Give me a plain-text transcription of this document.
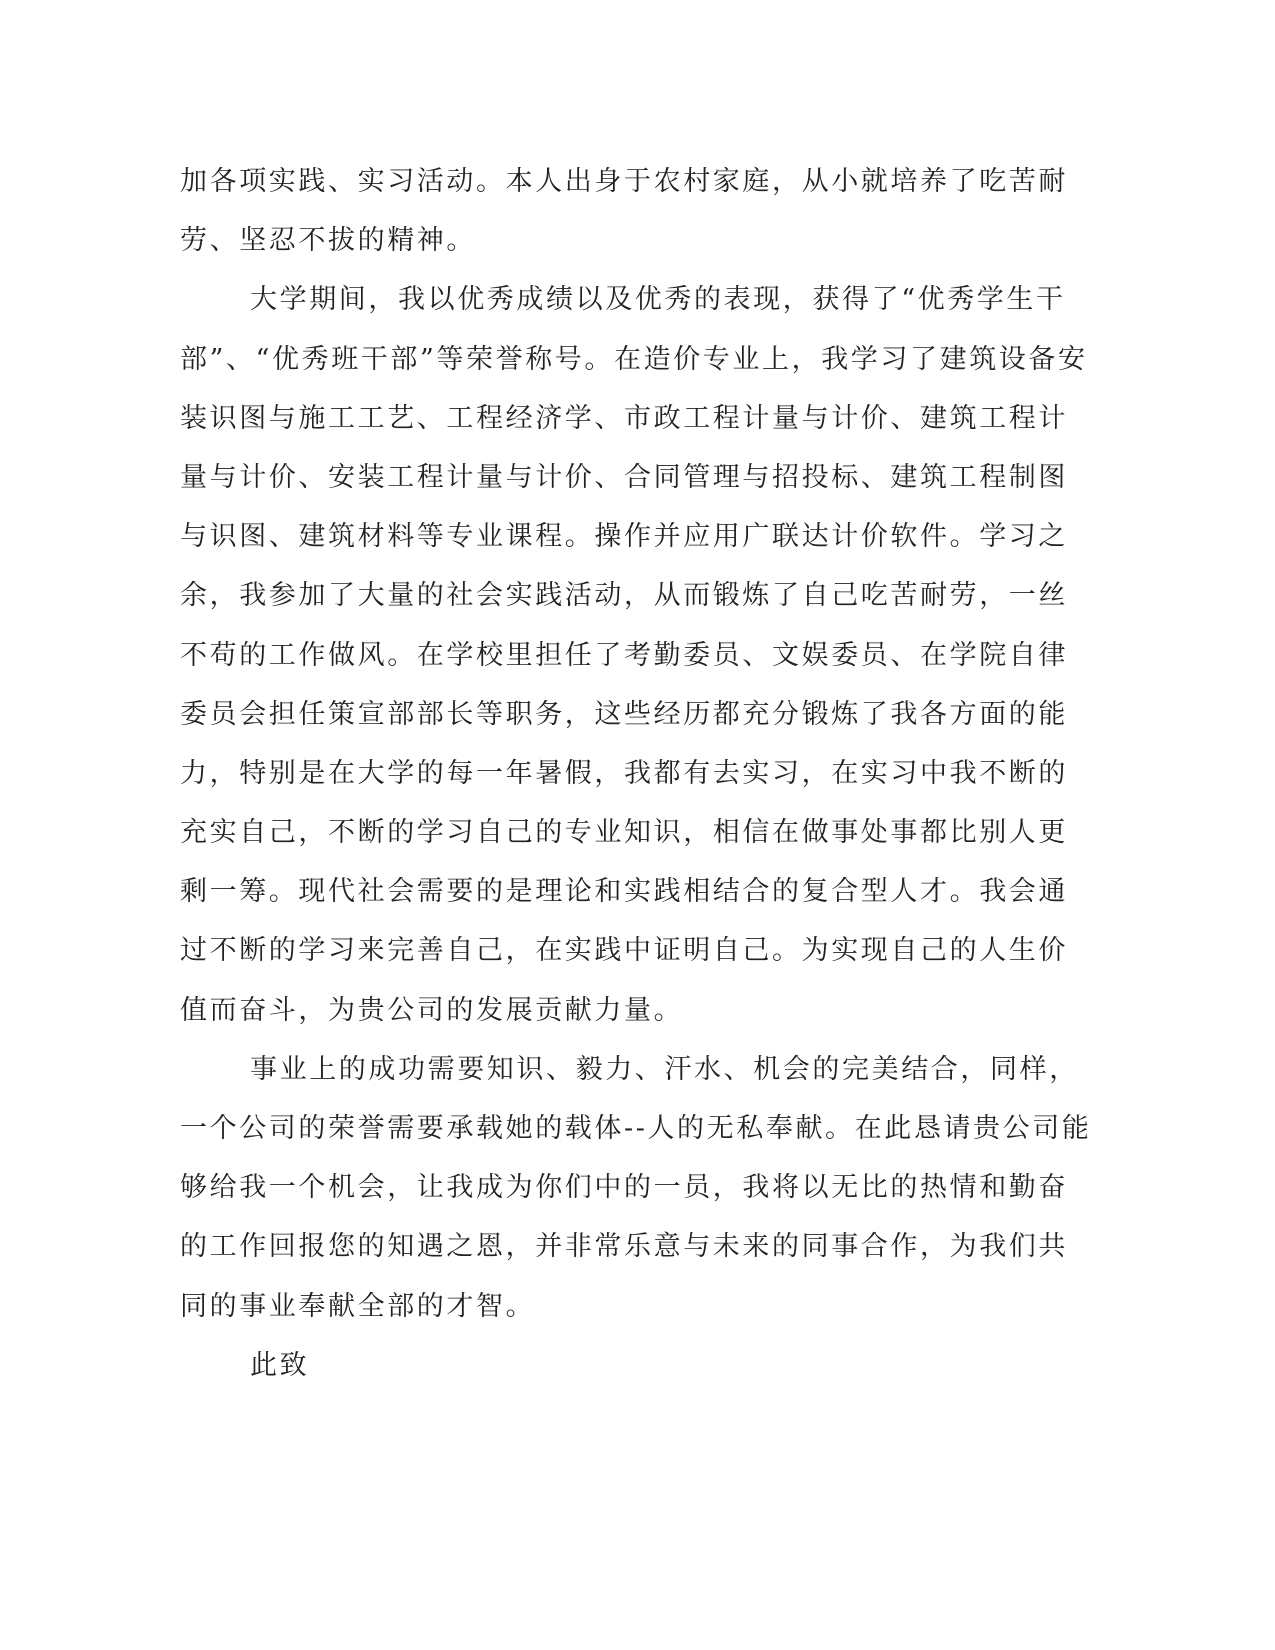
加各项实践、实习活动。本人出身于农村家庭，从小就培养了吃苦耐
劳、坚忍不拔的精神。
大学期间，我以优秀成绩以及优秀的表现，获得了“优秀学生干
部”、“优秀班干部”等荣誉称号。在造价专业上，我学习了建筑设备安
装识图与施工工艺、工程经济学、市政工程计量与计价、建筑工程计
量与计价、安装工程计量与计价、合同管理与招投标、建筑工程制图
与识图、建筑材料等专业课程。操作并应用广联达计价软件。学习之
余，我参加了大量的社会实践活动，从而锻炼了自己吃苦耐劳，一丝
不苟的工作做风。在学校里担任了考勤委员、文娱委员、在学院自律
委员会担任策宣部部长等职务，这些经历都充分锻炼了我各方面的能
力，特别是在大学的每一年暑假，我都有去实习，在实习中我不断的
充实自己，不断的学习自己的专业知识，相信在做事处事都比别人更
剩一筹。现代社会需要的是理论和实践相结合的复合型人才。我会通
过不断的学习来完善自己，在实践中证明自己。为实现自己的人生价
值而奋斗，为贵公司的发展贡献力量。
事业上的成功需要知识、毅力、汗水、机会的完美结合，同样，
一个公司的荣誉需要承载她的载体--人的无私奉献。在此恳请贵公司能
够给我一个机会，让我成为你们中的一员，我将以无比的热情和勤奋
的工作回报您的知遇之恩，并非常乐意与未来的同事合作，为我们共
同的事业奉献全部的才智。
此致
